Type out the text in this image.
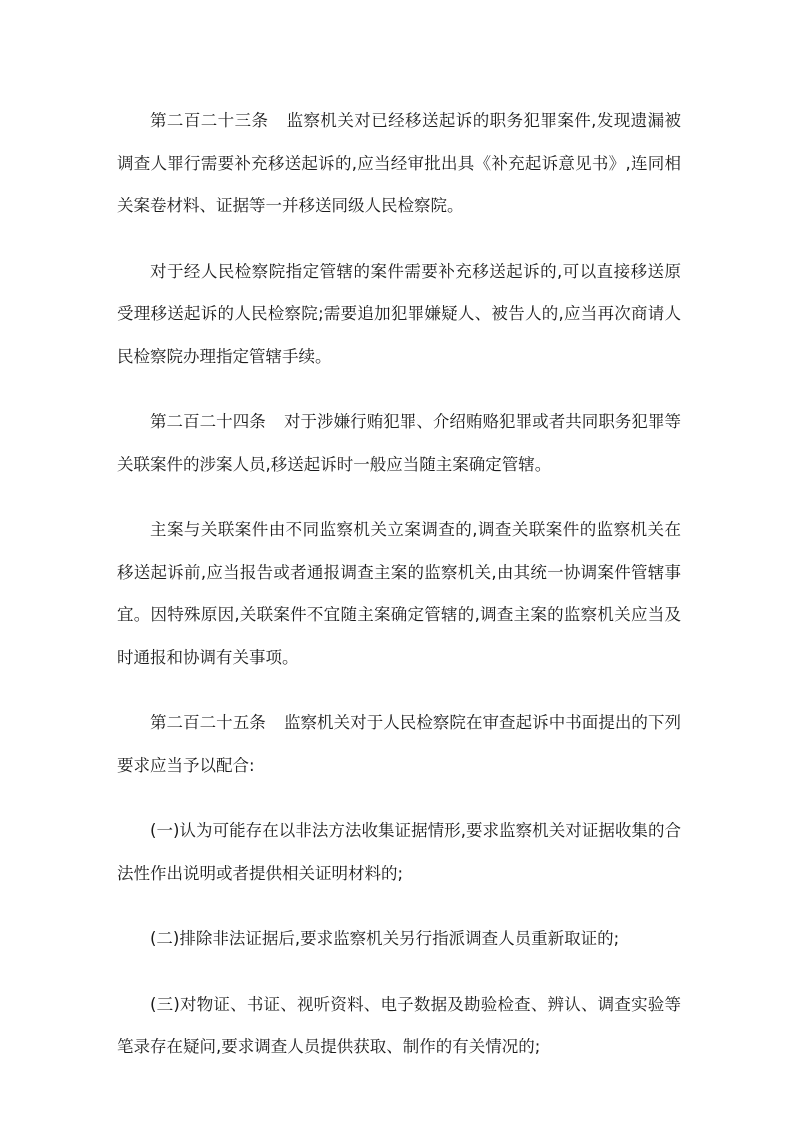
第二百二十三条 监察机关对已经移送起诉的职务犯罪案件,发现遗漏被调查人罪行需要补充移送起诉的,应当经审批出具《补充起诉意见书》,连同相关案卷材料、证据等一并移送同级人民检察院。

对于经人民检察院指定管辖的案件需要补充移送起诉的,可以直接移送原受理移送起诉的人民检察院;需要追加犯罪嫌疑人、被告人的,应当再次商请人民检察院办理指定管辖手续。

第二百二十四条 对于涉嫌行贿犯罪、介绍贿赂犯罪或者共同职务犯罪等关联案件的涉案人员,移送起诉时一般应当随主案确定管辖。

主案与关联案件由不同监察机关立案调查的,调查关联案件的监察机关在移送起诉前,应当报告或者通报调查主案的监察机关,由其统一协调案件管辖事宜。因特殊原因,关联案件不宜随主案确定管辖的,调查主案的监察机关应当及时通报和协调有关事项。

第二百二十五条 监察机关对于人民检察院在审查起诉中书面提出的下列要求应当予以配合:

(一)认为可能存在以非法方法收集证据情形,要求监察机关对证据收集的合法性作出说明或者提供相关证明材料的;

(二)排除非法证据后,要求监察机关另行指派调查人员重新取证的;

(三)对物证、书证、视听资料、电子数据及勘验检查、辨认、调查实验等笔录存在疑问,要求调查人员提供获取、制作的有关情况的;
